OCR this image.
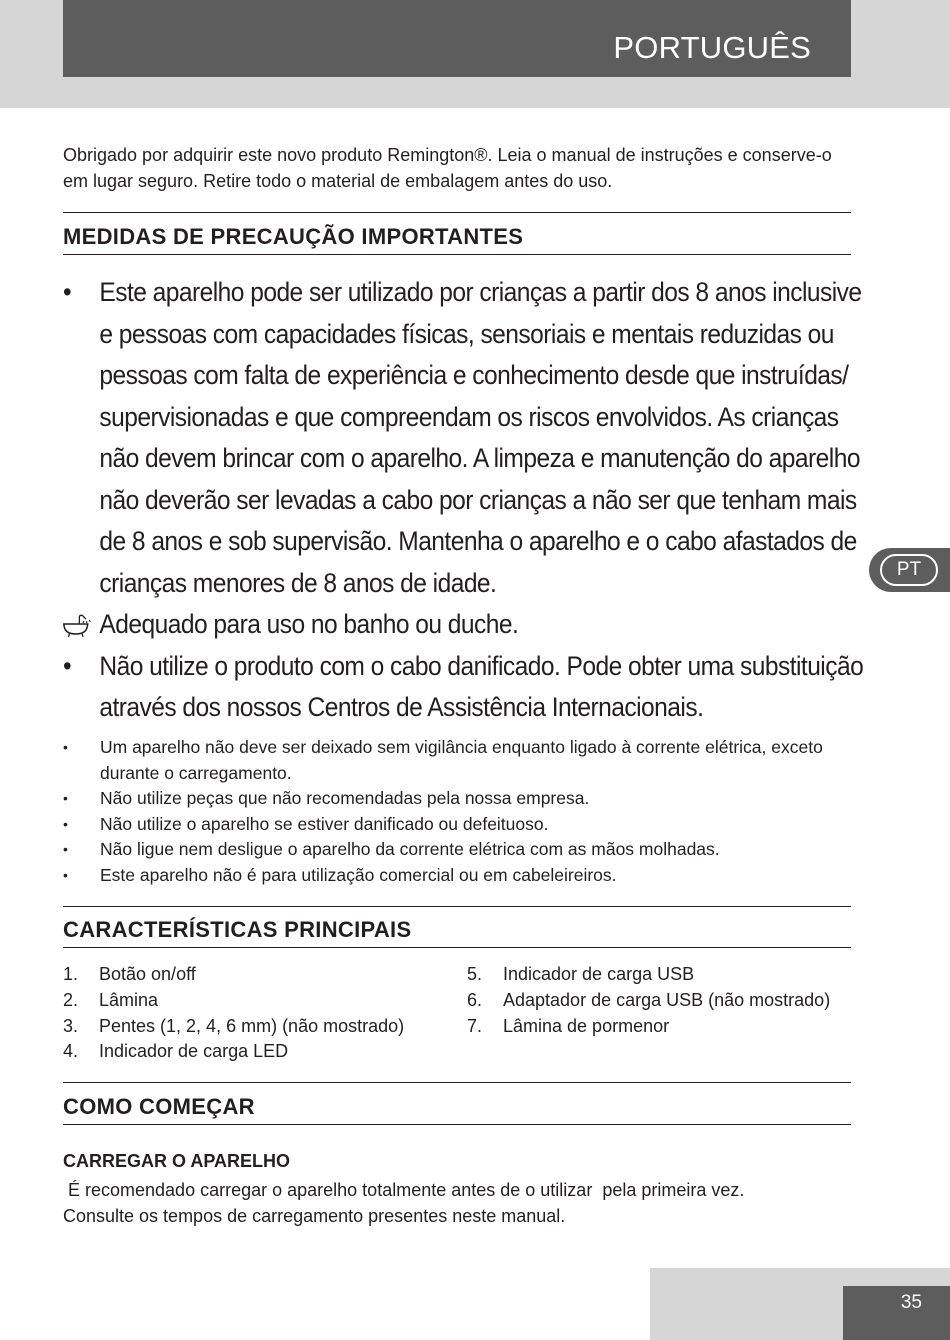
PORTUGUÊS
Obrigado por adquirir este novo produto Remington®. Leia o manual de instruções e conserve-o em lugar seguro. Retire todo o material de embalagem antes do uso.
MEDIDAS DE PRECAUÇÃO IMPORTANTES
•	Este aparelho pode ser utilizado por crianças a partir dos 8 anos inclusive e pessoas com capacidades físicas, sensoriais e mentais reduzidas ou pessoas com falta de experiência e conhecimento desde que instruídas/ supervisionadas e que compreendam os riscos envolvidos. As crianças não devem brincar com o aparelho. A limpeza e manutenção do aparelho não deverão ser levadas a cabo por crianças a não ser que tenham mais de 8 anos e sob supervisão. Mantenha o aparelho e o cabo afastados de crianças menores de 8 anos de idade.
Adequado para uso no banho ou duche.
•	Não utilize o produto com o cabo danificado. Pode obter uma substituição através dos nossos Centros de Assistência Internacionais.
•	Um aparelho não deve ser deixado sem vigilância enquanto ligado à corrente elétrica, exceto durante o carregamento.
•	Não utilize peças que não recomendadas pela nossa empresa.
•	Não utilize o aparelho se estiver danificado ou defeituoso.
•	Não ligue nem desligue o aparelho da corrente elétrica com as mãos molhadas.
•	Este aparelho não é para utilização comercial ou em cabeleireiros.
CARACTERÍSTICAS PRINCIPAIS
1. Botão on/off
2. Lâmina
3. Pentes (1, 2, 4, 6 mm) (não mostrado)
4. Indicador de carga LED
5. Indicador de carga USB
6. Adaptador de carga USB (não mostrado)
7. Lâmina de pormenor
COMO COMEÇAR
CARREGAR O APARELHO
É recomendado carregar o aparelho totalmente antes de o utilizar  pela primeira vez.
Consulte os tempos de carregamento presentes neste manual.
PT
35
